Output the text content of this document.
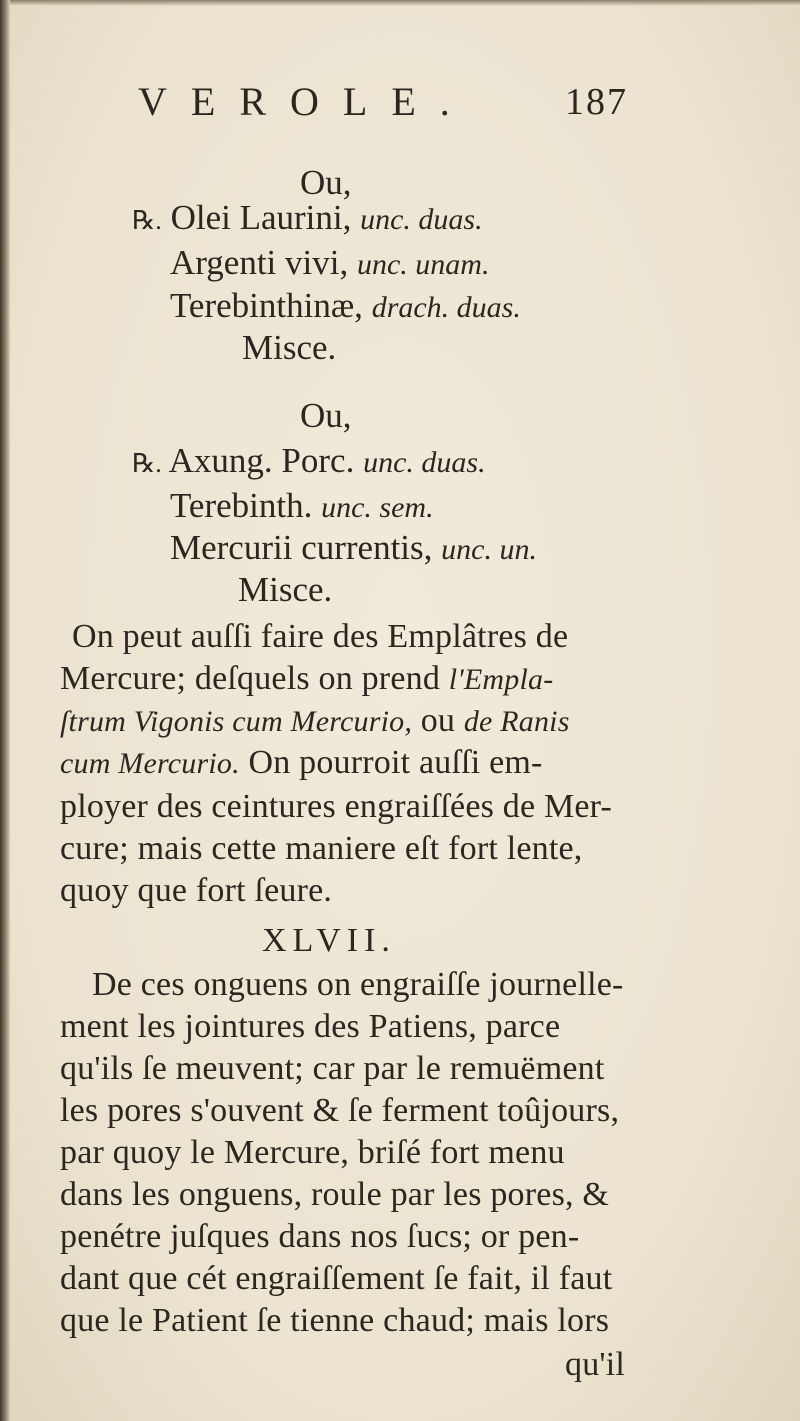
VEROLE. 187
Ou,
℞. Olei Laurini, unc. duas.
Argenti vivi, unc. unam.
Terebinthinæ, drach. duas.
Misce.
Ou,
℞. Axung. Porc. unc. duas.
Terebinth. unc. sem.
Mercurii currentis, unc. un.
Misce.
On peut auſſi faire des Emplâtres de
Mercure; deſquels on prend l'Empla-
ſtrum Vigonis cum Mercurio, ou de Ranis
cum Mercurio. On pourroit auſſi em-
ployer des ceintures engraiſſées de Mer-
cure; mais cette maniere eſt fort lente,
quoy que fort ſeure.
XLVII.
De ces onguens on engraiſſe journelle-
ment les jointures des Patiens, parce
qu'ils ſe meuvent; car par le remuëment
les pores s'ouvent & ſe ferment toûjours,
par quoy le Mercure, briſé fort menu
dans les onguens, roule par les pores, &
penétre juſques dans nos ſucs; or pen-
dant que cét engraiſſement ſe fait, il faut
que le Patient ſe tienne chaud; mais lors
qu'il
